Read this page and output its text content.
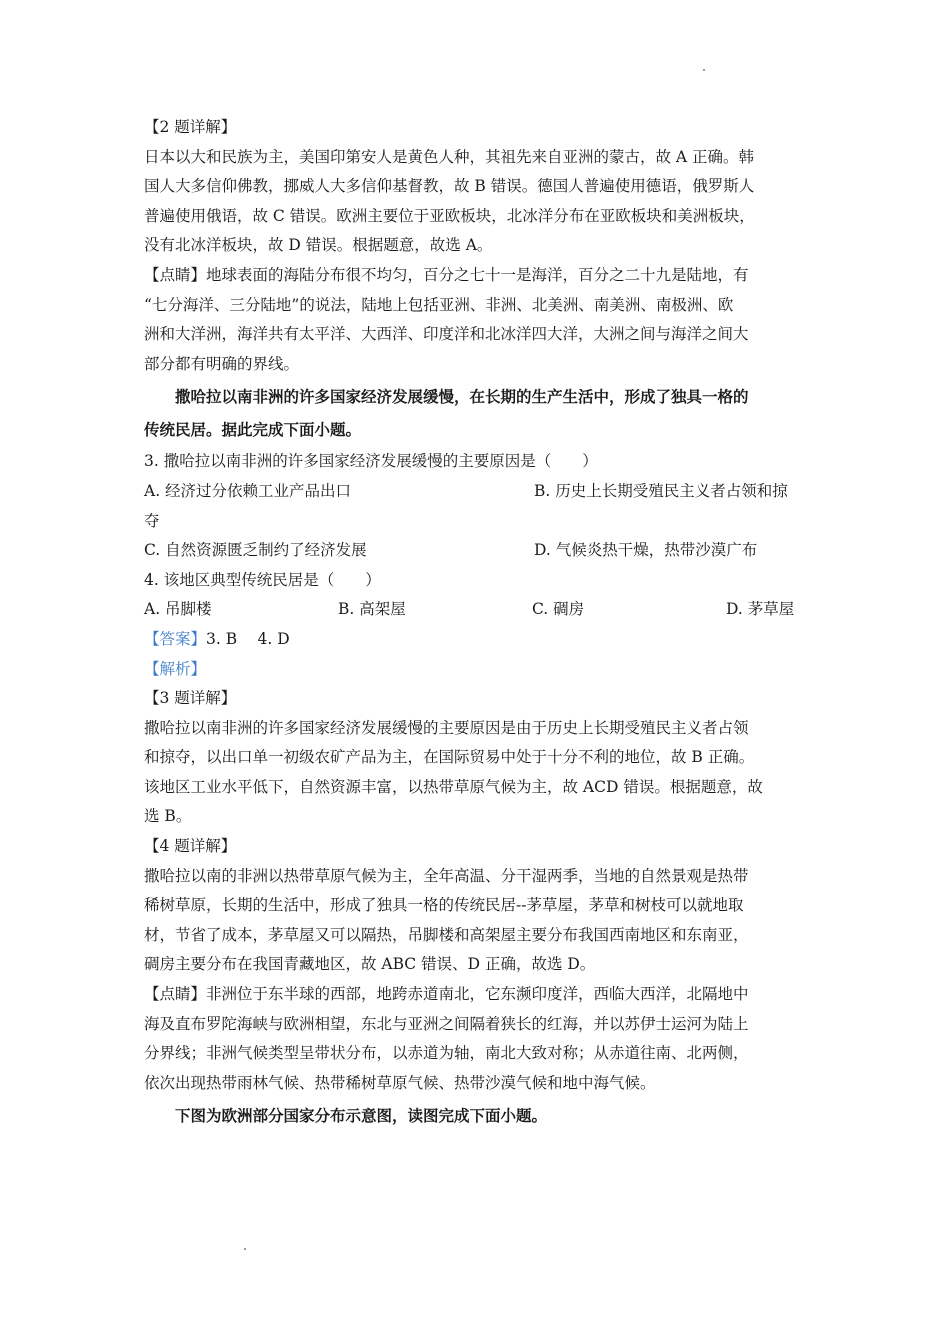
【2 题详解】
日本以大和民族为主，美国印第安人是黄色人种，其祖先来自亚洲的蒙古，故 A 正确。韩
国人大多信仰佛教，挪威人大多信仰基督教，故 B 错误。德国人普遍使用德语，俄罗斯人
普遍使用俄语，故 C 错误。欧洲主要位于亚欧板块，北冰洋分布在亚欧板块和美洲板块，
没有北冰洋板块，故 D 错误。根据题意，故选 A。
【点睛】地球表面的海陆分布很不均匀，百分之七十一是海洋，百分之二十九是陆地，有
“七分海洋、三分陆地”的说法，陆地上包括亚洲、非洲、北美洲、南美洲、南极洲、欧
洲和大洋洲，海洋共有太平洋、大西洋、印度洋和北冰洋四大洋，大洲之间与海洋之间大
部分都有明确的界线。
撒哈拉以南非洲的许多国家经济发展缓慢，在长期的生产生活中，形成了独具一格的
传统民居。据此完成下面小题。
3. 撒哈拉以南非洲的许多国家经济发展缓慢的主要原因是（　　）
A. 经济过分依赖工业产品出口	B. 历史上长期受殖民主义者占领和掠
夺
C. 自然资源匮乏制约了经济发展	D. 气候炎热干燥，热带沙漠广布
4. 该地区典型传统民居是（　　）
A. 吊脚楼	B. 高架屋	C. 碉房	D. 茅草屋
【答案】3. B　 4. D
【解析】
【3 题详解】
撒哈拉以南非洲的许多国家经济发展缓慢的主要原因是由于历史上长期受殖民主义者占领
和掠夺，以出口单一初级农矿产品为主，在国际贸易中处于十分不利的地位，故 B 正确。
该地区工业水平低下，自然资源丰富，以热带草原气候为主，故 ACD 错误。根据题意，故
选 B。
【4 题详解】
撒哈拉以南的非洲以热带草原气候为主，全年高温、分干湿两季，当地的自然景观是热带
稀树草原，长期的生活中，形成了独具一格的传统民居--茅草屋，茅草和树枝可以就地取
材，节省了成本，茅草屋又可以隔热，吊脚楼和高架屋主要分布我国西南地区和东南亚，
碉房主要分布在我国青藏地区，故 ABC 错误、D 正确，故选 D。
【点睛】非洲位于东半球的西部，地跨赤道南北，它东濒印度洋，西临大西洋，北隔地中
海及直布罗陀海峡与欧洲相望，东北与亚洲之间隔着狭长的红海，并以苏伊士运河为陆上
分界线；非洲气候类型呈带状分布，以赤道为轴，南北大致对称；从赤道往南、北两侧，
依次出现热带雨林气候、热带稀树草原气候、热带沙漠气候和地中海气候。
下图为欧洲部分国家分布示意图，读图完成下面小题。
